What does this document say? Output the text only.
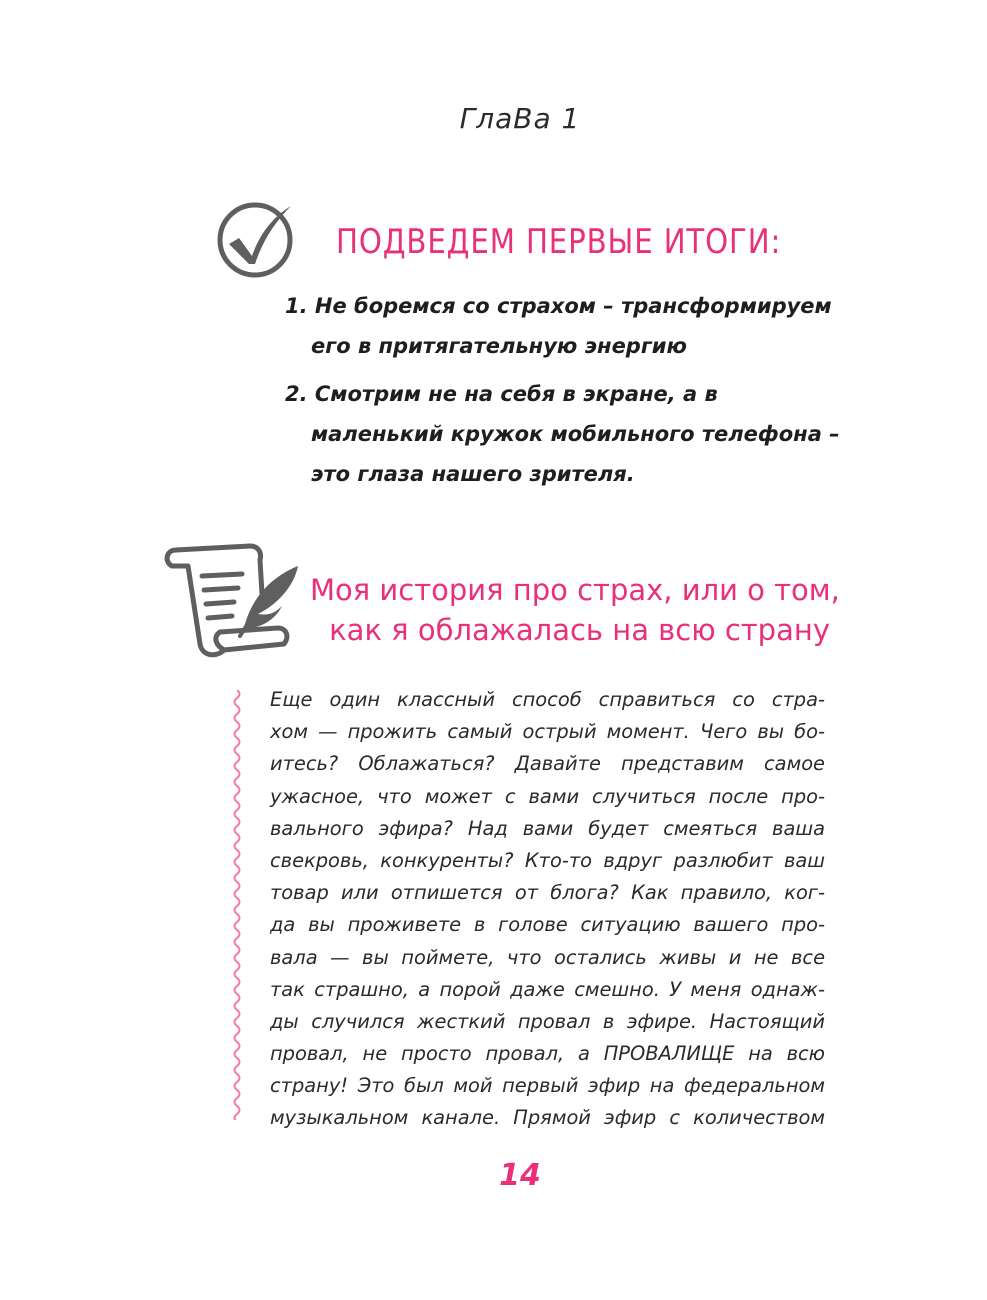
ГлаВа 1
ПОДВЕДЕМ ПЕРВЫЕ ИТОГИ:
1. Не боремся со страхом – трансформируем его в притягательную энергию
2. Смотрим не на себя в экране, а в маленький кружок мобильного телефона – это глаза нашего зрителя.
Моя история про страх, или о том,
как я облажалась на всю страну
Еще один классный способ справиться со стра-
хом — прожить самый острый момент. Чего вы бо-
итесь? Облажаться? Давайте представим самое
ужасное, что может с вами случиться после про-
вального эфира? Над вами будет смеяться ваша
свекровь, конкуренты? Кто-то вдруг разлюбит ваш
товар или отпишется от блога? Как правило, ког-
да вы проживете в голове ситуацию вашего про-
вала — вы поймете, что остались живы и не все
так страшно, а порой даже смешно. У меня однаж-
ды случился жесткий провал в эфире. Настоящий
провал, не просто провал, а ПРОВАЛИЩЕ на всю
страну! Это был мой первый эфир на федеральном
музыкальном канале. Прямой эфир с количеством
14
